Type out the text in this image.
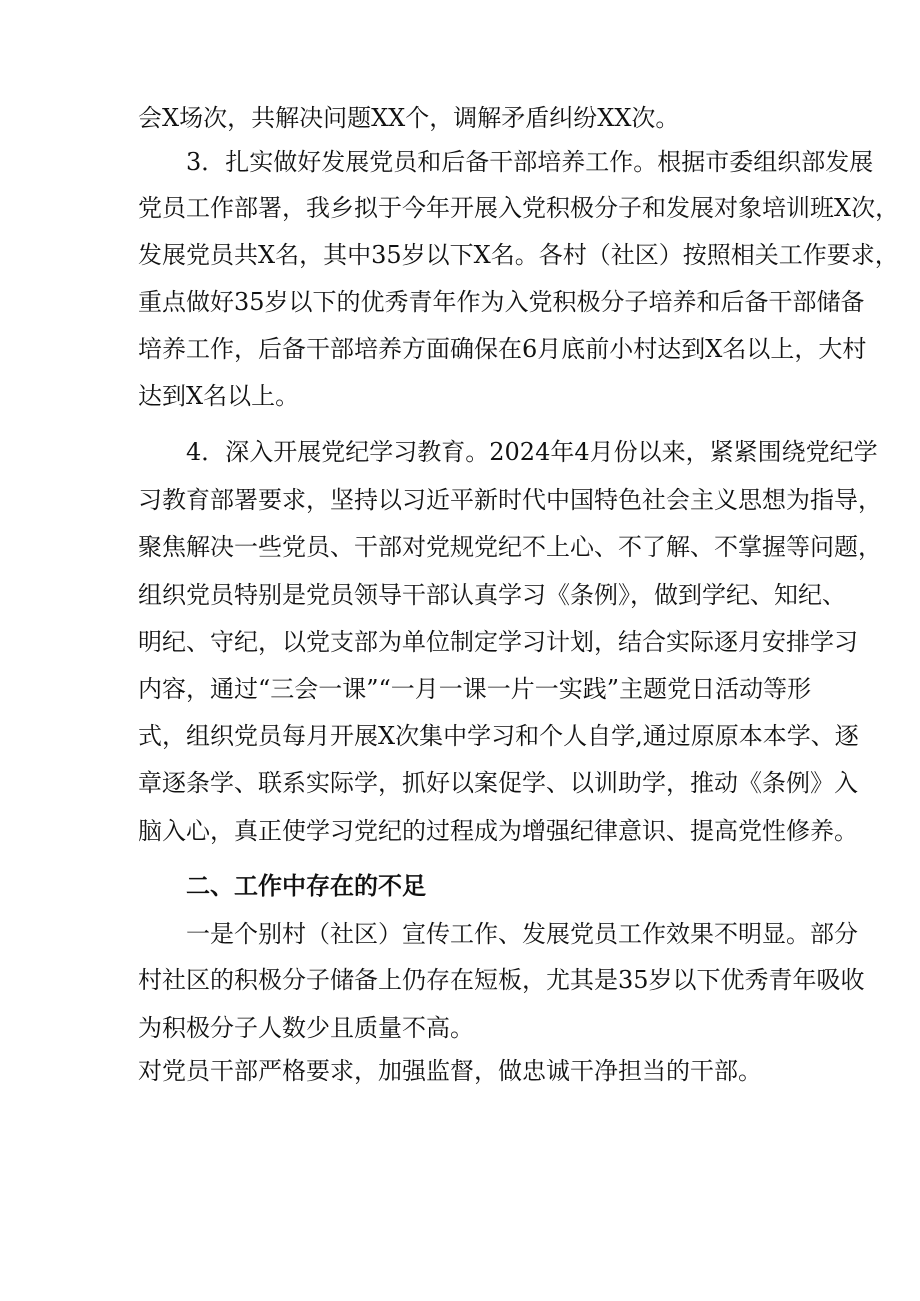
会X场次，共解决问题XX个，调解矛盾纠纷XX次。
3．扎实做好发展党员和后备干部培养工作。根据市委组织部发展
党员工作部署，我乡拟于今年开展入党积极分子和发展对象培训班X次，
发展党员共X名，其中35岁以下X名。各村（社区）按照相关工作要求，
重点做好35岁以下的优秀青年作为入党积极分子培养和后备干部储备
培养工作，后备干部培养方面确保在6月底前小村达到X名以上，大村
达到X名以上。
4．深入开展党纪学习教育。2024年4月份以来，紧紧围绕党纪学
习教育部署要求，坚持以习近平新时代中国特色社会主义思想为指导，
聚焦解决一些党员、干部对党规党纪不上心、不了解、不掌握等问题，
组织党员特别是党员领导干部认真学习《条例》，做到学纪、知纪、
明纪、守纪，以党支部为单位制定学习计划，结合实际逐月安排学习
内容，通过“三会一课”“一月一课一片一实践”主题党日活动等形
式，组织党员每月开展X次集中学习和个人自学,通过原原本本学、逐
章逐条学、联系实际学，抓好以案促学、以训助学，推动《条例》入
脑入心，真正使学习党纪的过程成为增强纪律意识、提高党性修养。
二、工作中存在的不足
一是个别村（社区）宣传工作、发展党员工作效果不明显。部分
村社区的积极分子储备上仍存在短板，尤其是35岁以下优秀青年吸收
为积极分子人数少且质量不高。
对党员干部严格要求，加强监督，做忠诚干净担当的干部。
